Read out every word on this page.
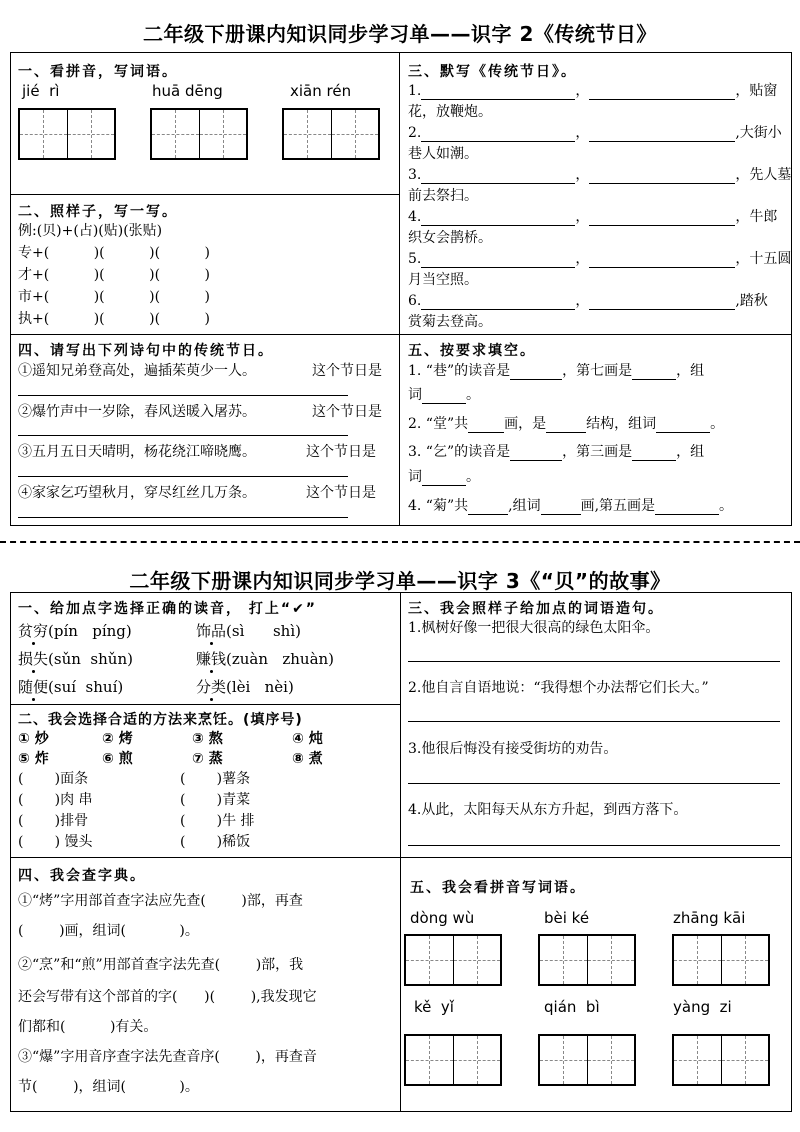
二年级下册课内知识同步学习单——识字 2《传统节日》
一、看拼音，写词语。
jié  rì	huā dēng	xiān rén
二、照样子，写一写。
例:(贝)+(占)(贴)(张贴)
专+(          )(          )(          )
才+(          )(          )(          )
市+(          )(          )(          )
执+(          )(          )(          )
三、默写《传统节日》。
1.	，	，贴窗
花，放鞭炮。
2.	，	,大街小
巷人如潮。
3.	，	，先人墓
前去祭扫。
4.	，	，牛郎
织女会鹊桥。
5.	，	，十五圆
月当空照。
6.	，	,踏秋
赏菊去登高。
四、请写出下列诗句中的传统节日。
①遥知兄弟登高处，遍插茱萸少一人。	这个节日是
②爆竹声中一岁除，春风送暖入屠苏。	这个节日是
③五月五日天晴明，杨花绕江啼晓鹰。	这个节日是
④家家乞巧望秋月，穿尽红丝几万条。	这个节日是
五、按要求填空。
1. “巷”的读音是	，第七画是	，组
词	。
2. “堂”共	画，是	结构，组词	。
3. “乞”的读音是	，第三画是	，组
词	。
4. “菊”共	,组词	画,第五画是	。
二年级下册课内知识同步学习单——识字 3《“贝”的故事》
一、给加点字选择正确的读音， 打上“✔”
贫穷(pín   píng)	饰品(sì      shì)
损失(sǔn  shǔn)	赚钱(zuàn   zhuàn)
随便(suí  shuí)	分类(lèi   nèi)
二、我会选择合适的方法来烹饪。(填序号)
① 炒	② 烤	③ 熬	④ 炖
⑤ 炸	⑥ 煎	⑦ 蒸	⑧ 煮
(       )面条	(       )薯条
(       )肉 串	(       )青菜
(       )排骨	(       )牛 排
(       ) 馒头	(       )稀饭
三、我会照样子给加点的词语造句。
1.枫树好像一把很大很高的绿色太阳伞。
2.他自言自语地说：“我得想个办法帮它们长大。”
3.他很后悔没有接受街坊的劝告。
4.从此，太阳每天从东方升起，到西方落下。
四、我会查字典。
①“烤”字用部首查字法应先查(        )部，再查
(        )画，组词(            )。
②“烹”和“煎”用部首查字法先查(        )部，我
还会写带有这个部首的字(      )(        ),我发现它
们都和(          )有关。
③“爆”字用音序查字法先查音序(        )，再查音
节(        )，组词(            )。
五、我会看拼音写词语。
dòng wù	bèi ké	zhāng kāi
kě  yǐ	qián  bì	yàng  zi
